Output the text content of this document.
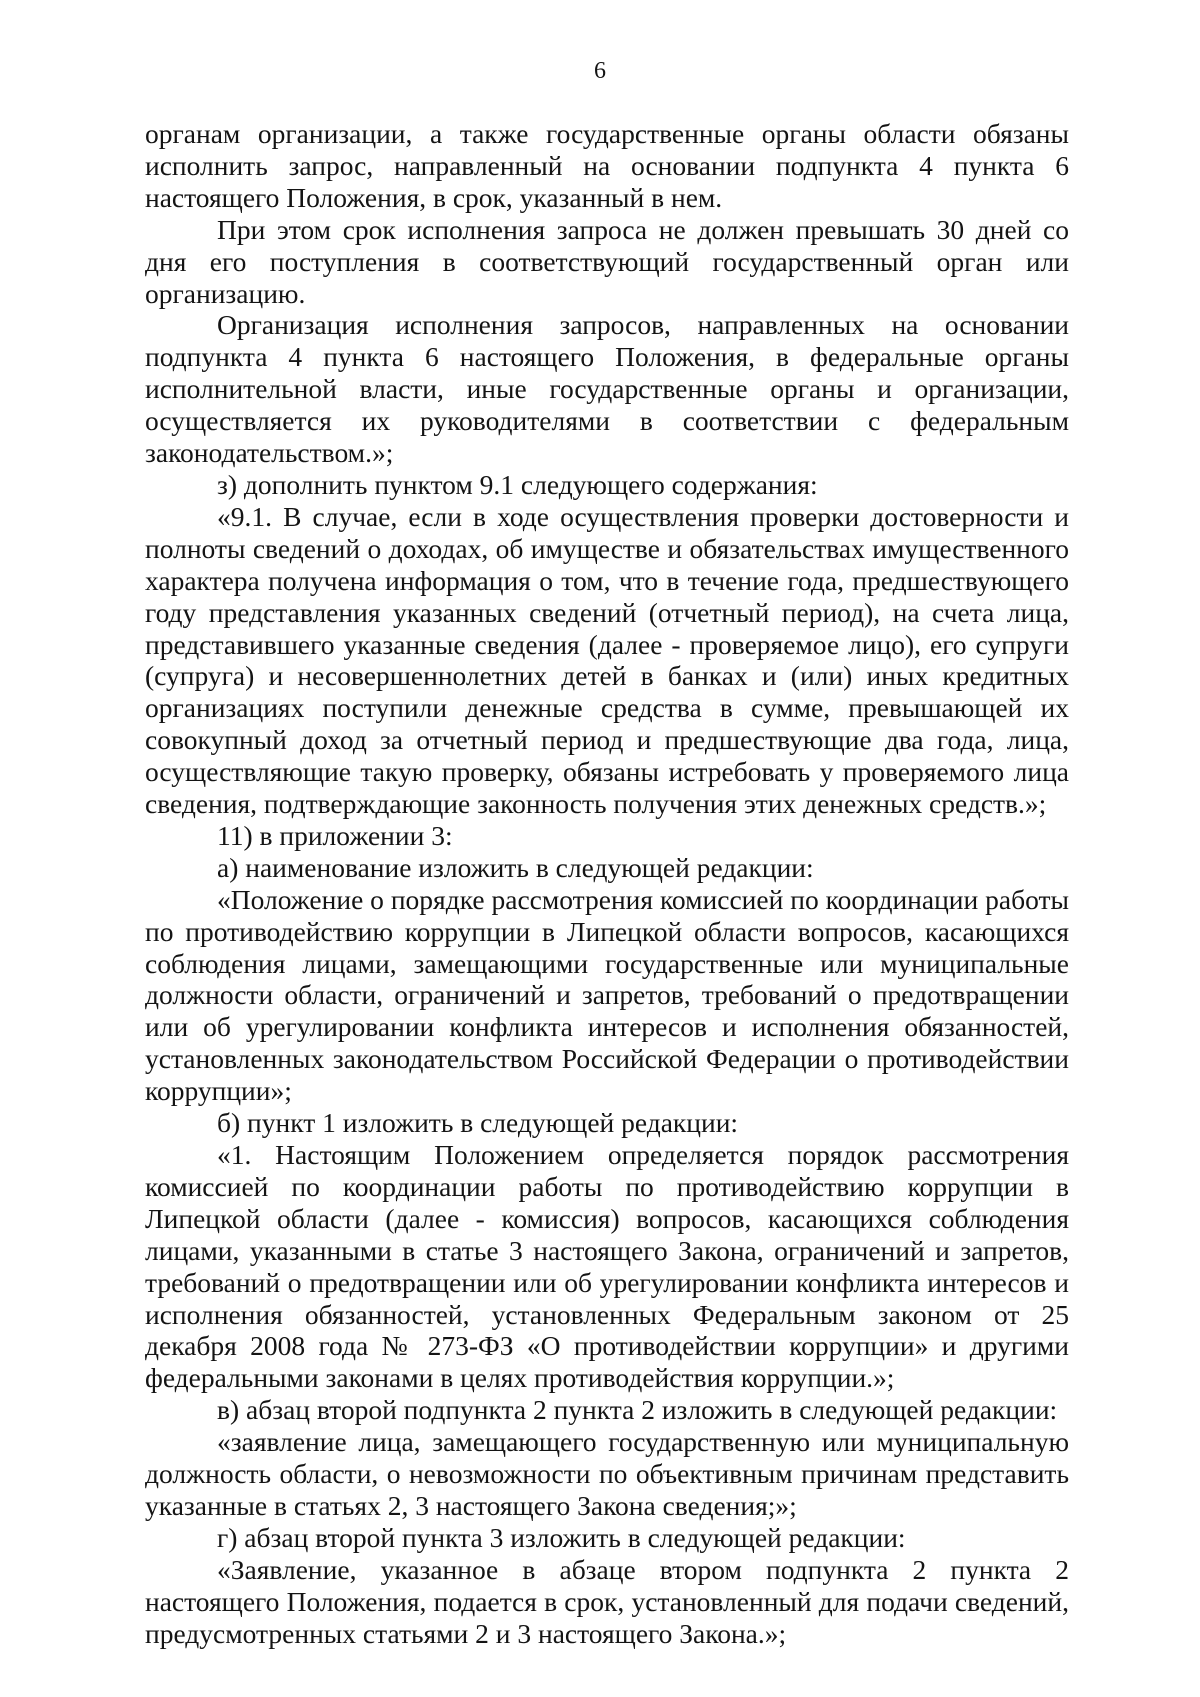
6

органам организации, а также государственные органы области обязаны исполнить запрос, направленный на основании подпункта 4 пункта 6 настоящего Положения, в срок, указанный в нем.

При этом срок исполнения запроса не должен превышать 30 дней со дня его поступления в соответствующий государственный орган или организацию.

Организация исполнения запросов, направленных на основании подпункта 4 пункта 6 настоящего Положения, в федеральные органы исполнительной власти, иные государственные органы и организации, осуществляется их руководителями в соответствии с федеральным законодательством.»;

з) дополнить пунктом 9.1 следующего содержания:

«9.1. В случае, если в ходе осуществления проверки достоверности и полноты сведений о доходах, об имуществе и обязательствах имущественного характера получена информация о том, что в течение года, предшествующего году представления указанных сведений (отчетный период), на счета лица, представившего указанные сведения (далее - проверяемое лицо), его супруги (супруга) и несовершеннолетних детей в банках и (или) иных кредитных организациях поступили денежные средства в сумме, превышающей их совокупный доход за отчетный период и предшествующие два года, лица, осуществляющие такую проверку, обязаны истребовать у проверяемого лица сведения, подтверждающие законность получения этих денежных средств.»;

11) в приложении 3:

а) наименование изложить в следующей редакции:

«Положение о порядке рассмотрения комиссией по координации работы по противодействию коррупции в Липецкой области вопросов, касающихся соблюдения лицами, замещающими государственные или муниципальные должности области, ограничений и запретов, требований о предотвращении или об урегулировании конфликта интересов и исполнения обязанностей, установленных законодательством Российской Федерации о противодействии коррупции»;

б) пункт 1 изложить в следующей редакции:

«1. Настоящим Положением определяется порядок рассмотрения комиссией по координации работы по противодействию коррупции в Липецкой области (далее - комиссия) вопросов, касающихся соблюдения лицами, указанными в статье 3 настоящего Закона, ограничений и запретов, требований о предотвращении или об урегулировании конфликта интересов и исполнения обязанностей, установленных Федеральным законом от 25 декабря 2008 года № 273-ФЗ «О противодействии коррупции» и другими федеральными законами в целях противодействия коррупции.»;

в) абзац второй подпункта 2 пункта 2 изложить в следующей редакции:

«заявление лица, замещающего государственную или муниципальную должность области, о невозможности по объективным причинам представить указанные в статьях 2, 3 настоящего Закона сведения;»;

г) абзац второй пункта 3 изложить в следующей редакции:

«Заявление, указанное в абзаце втором подпункта 2 пункта 2 настоящего Положения, подается в срок, установленный для подачи сведений, предусмотренных статьями 2 и 3 настоящего Закона.»;
